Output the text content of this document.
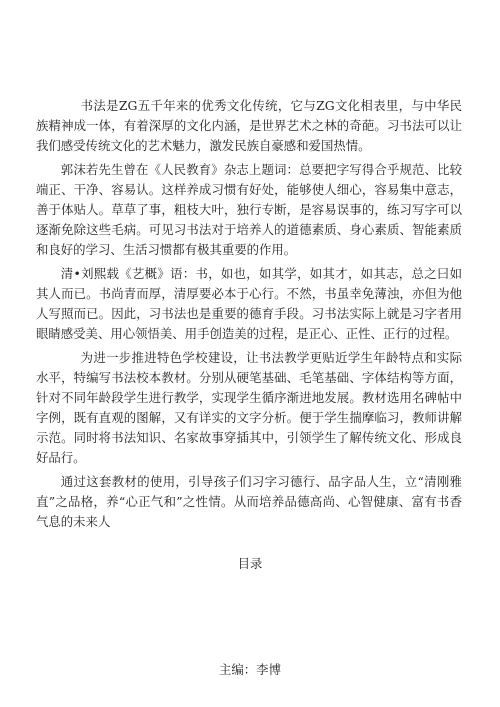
书法是ZG五千年来的优秀文化传统，它与ZG文化相表里，与中华民族精神成一体，有着深厚的文化内涵，是世界艺术之林的奇葩。习书法可以让我们感受传统文化的艺术魅力，激发民族自豪感和爱国热情。

郭沫若先生曾在《人民教育》杂志上题词：总要把字写得合乎规范、比较端正、干净、容易认。这样养成习惯有好处，能够使人细心，容易集中意志，善于体贴人。草草了事，粗枝大叶，独行专断，是容易误事的，练习写字可以逐渐免除这些毛病。可见习书法对于培养人的道德素质、身心素质、智能素质和良好的学习、生活习惯都有极其重要的作用。

清•刘熙载《艺概》语：书，如也，如其学，如其才，如其志，总之曰如其人而已。书尚青而厚，清厚要必本于心行。不然，书虽幸免薄浊，亦但为他人写照而已。因此，习书法也是重要的德育手段。习书法实际上就是习字者用眼睛感受美、用心领悟美、用手创造美的过程，是正心、正性、正行的过程。

为进一步推进特色学校建设，让书法教学更贴近学生年龄特点和实际水平，特编写书法校本教材。分别从硬笔基础、毛笔基础、字体结构等方面，针对不同年龄段学生进行教学，实现学生循序渐进地发展。教材选用名碑帖中字例，既有直观的图解，又有详实的文字分析。便于学生揣摩临习，教师讲解示范。同时将书法知识、名家故事穿插其中，引领学生了解传统文化、形成良好品行。

通过这套教材的使用，引导孩子们习字习德行、品字品人生，立“清刚雅直”之品格，养“心正气和”之性情。从而培养品德高尚、心智健康、富有书香气息的未来人

目录
主编：李博
